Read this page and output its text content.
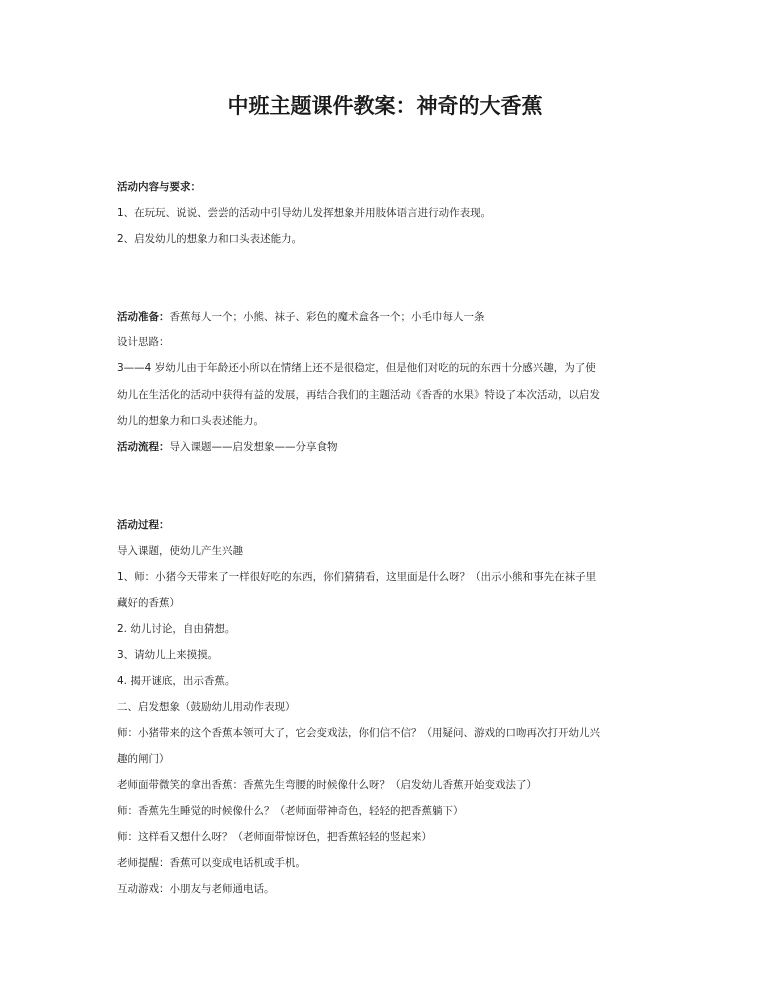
中班主题课件教案：神奇的大香蕉
活动内容与要求：
1、在玩玩、说说、尝尝的活动中引导幼儿发挥想象并用肢体语言进行动作表现。
2、启发幼儿的想象力和口头表述能力。
活动准备：香蕉每人一个；小熊、袜子、彩色的魔术盒各一个；小毛巾每人一条
设计思路：
3——4 岁幼儿由于年龄还小所以在情绪上还不是很稳定，但是他们对吃的玩的东西十分感兴趣，为了使
幼儿在生活化的活动中获得有益的发展，再结合我们的主题活动《香香的水果》特设了本次活动，以启发
幼儿的想象力和口头表述能力。
活动流程：导入课题——启发想象——分享食物
活动过程：
导入课题，使幼儿产生兴趣
1、师：小猪今天带来了一样很好吃的东西，你们猜猜看，这里面是什么呀？（出示小熊和事先在袜子里
藏好的香蕉）
2. 幼儿讨论，自由猜想。
3、请幼儿上来摸摸。
4. 揭开谜底，出示香蕉。
二、启发想象（鼓励幼儿用动作表现）
师：小猪带来的这个香蕉本领可大了，它会变戏法，你们信不信？（用疑问、游戏的口吻再次打开幼儿兴
趣的闸门）
老师面带微笑的拿出香蕉：香蕉先生弯腰的时候像什么呀？（启发幼儿香蕉开始变戏法了）
师：香蕉先生睡觉的时候像什么？（老师面带神奇色，轻轻的把香蕉躺下）
师：这样看又想什么呀？（老师面带惊讶色，把香蕉轻轻的竖起来）
老师提醒：香蕉可以变成电话机或手机。
互动游戏：小朋友与老师通电话。
